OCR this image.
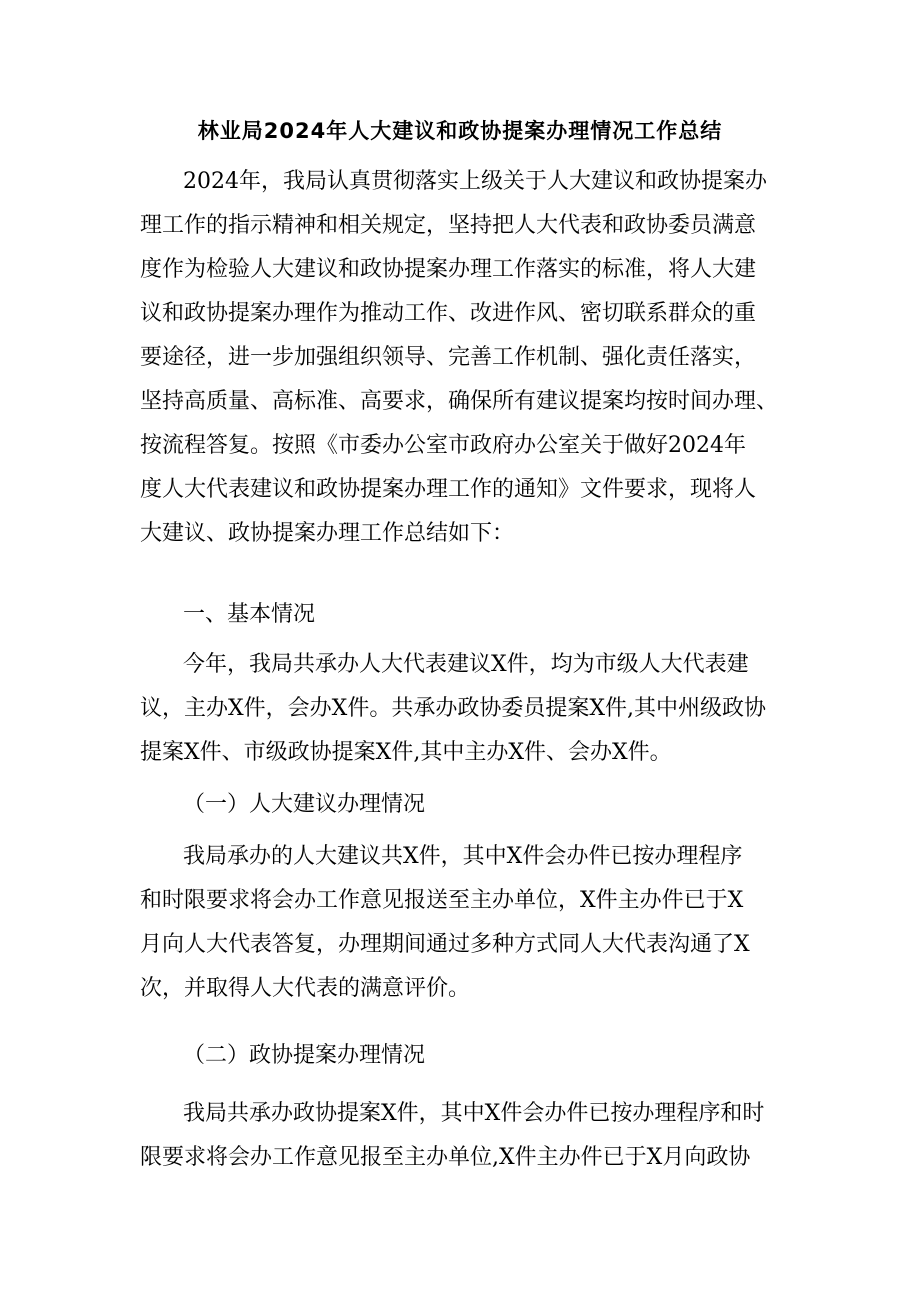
林业局2024年人大建议和政协提案办理情况工作总结
2024年，我局认真贯彻落实上级关于人大建议和政协提案办
理工作的指示精神和相关规定，坚持把人大代表和政协委员满意
度作为检验人大建议和政协提案办理工作落实的标准，将人大建
议和政协提案办理作为推动工作、改进作风、密切联系群众的重
要途径，进一步加强组织领导、完善工作机制、强化责任落实，
坚持高质量、高标准、高要求，确保所有建议提案均按时间办理、
按流程答复。按照《市委办公室市政府办公室关于做好2024年
度人大代表建议和政协提案办理工作的通知》文件要求，现将人
大建议、政协提案办理工作总结如下：
一、基本情况
今年，我局共承办人大代表建议X件，均为市级人大代表建
议，主办X件，会办X件。共承办政协委员提案X件,其中州级政协
提案X件、市级政协提案X件,其中主办X件、会办X件。
（一）人大建议办理情况
我局承办的人大建议共X件，其中X件会办件已按办理程序
和时限要求将会办工作意见报送至主办单位，X件主办件已于X
月向人大代表答复，办理期间通过多种方式同人大代表沟通了X
次，并取得人大代表的满意评价。
（二）政协提案办理情况
我局共承办政协提案X件，其中X件会办件已按办理程序和时
限要求将会办工作意见报至主办单位,X件主办件已于X月向政协
